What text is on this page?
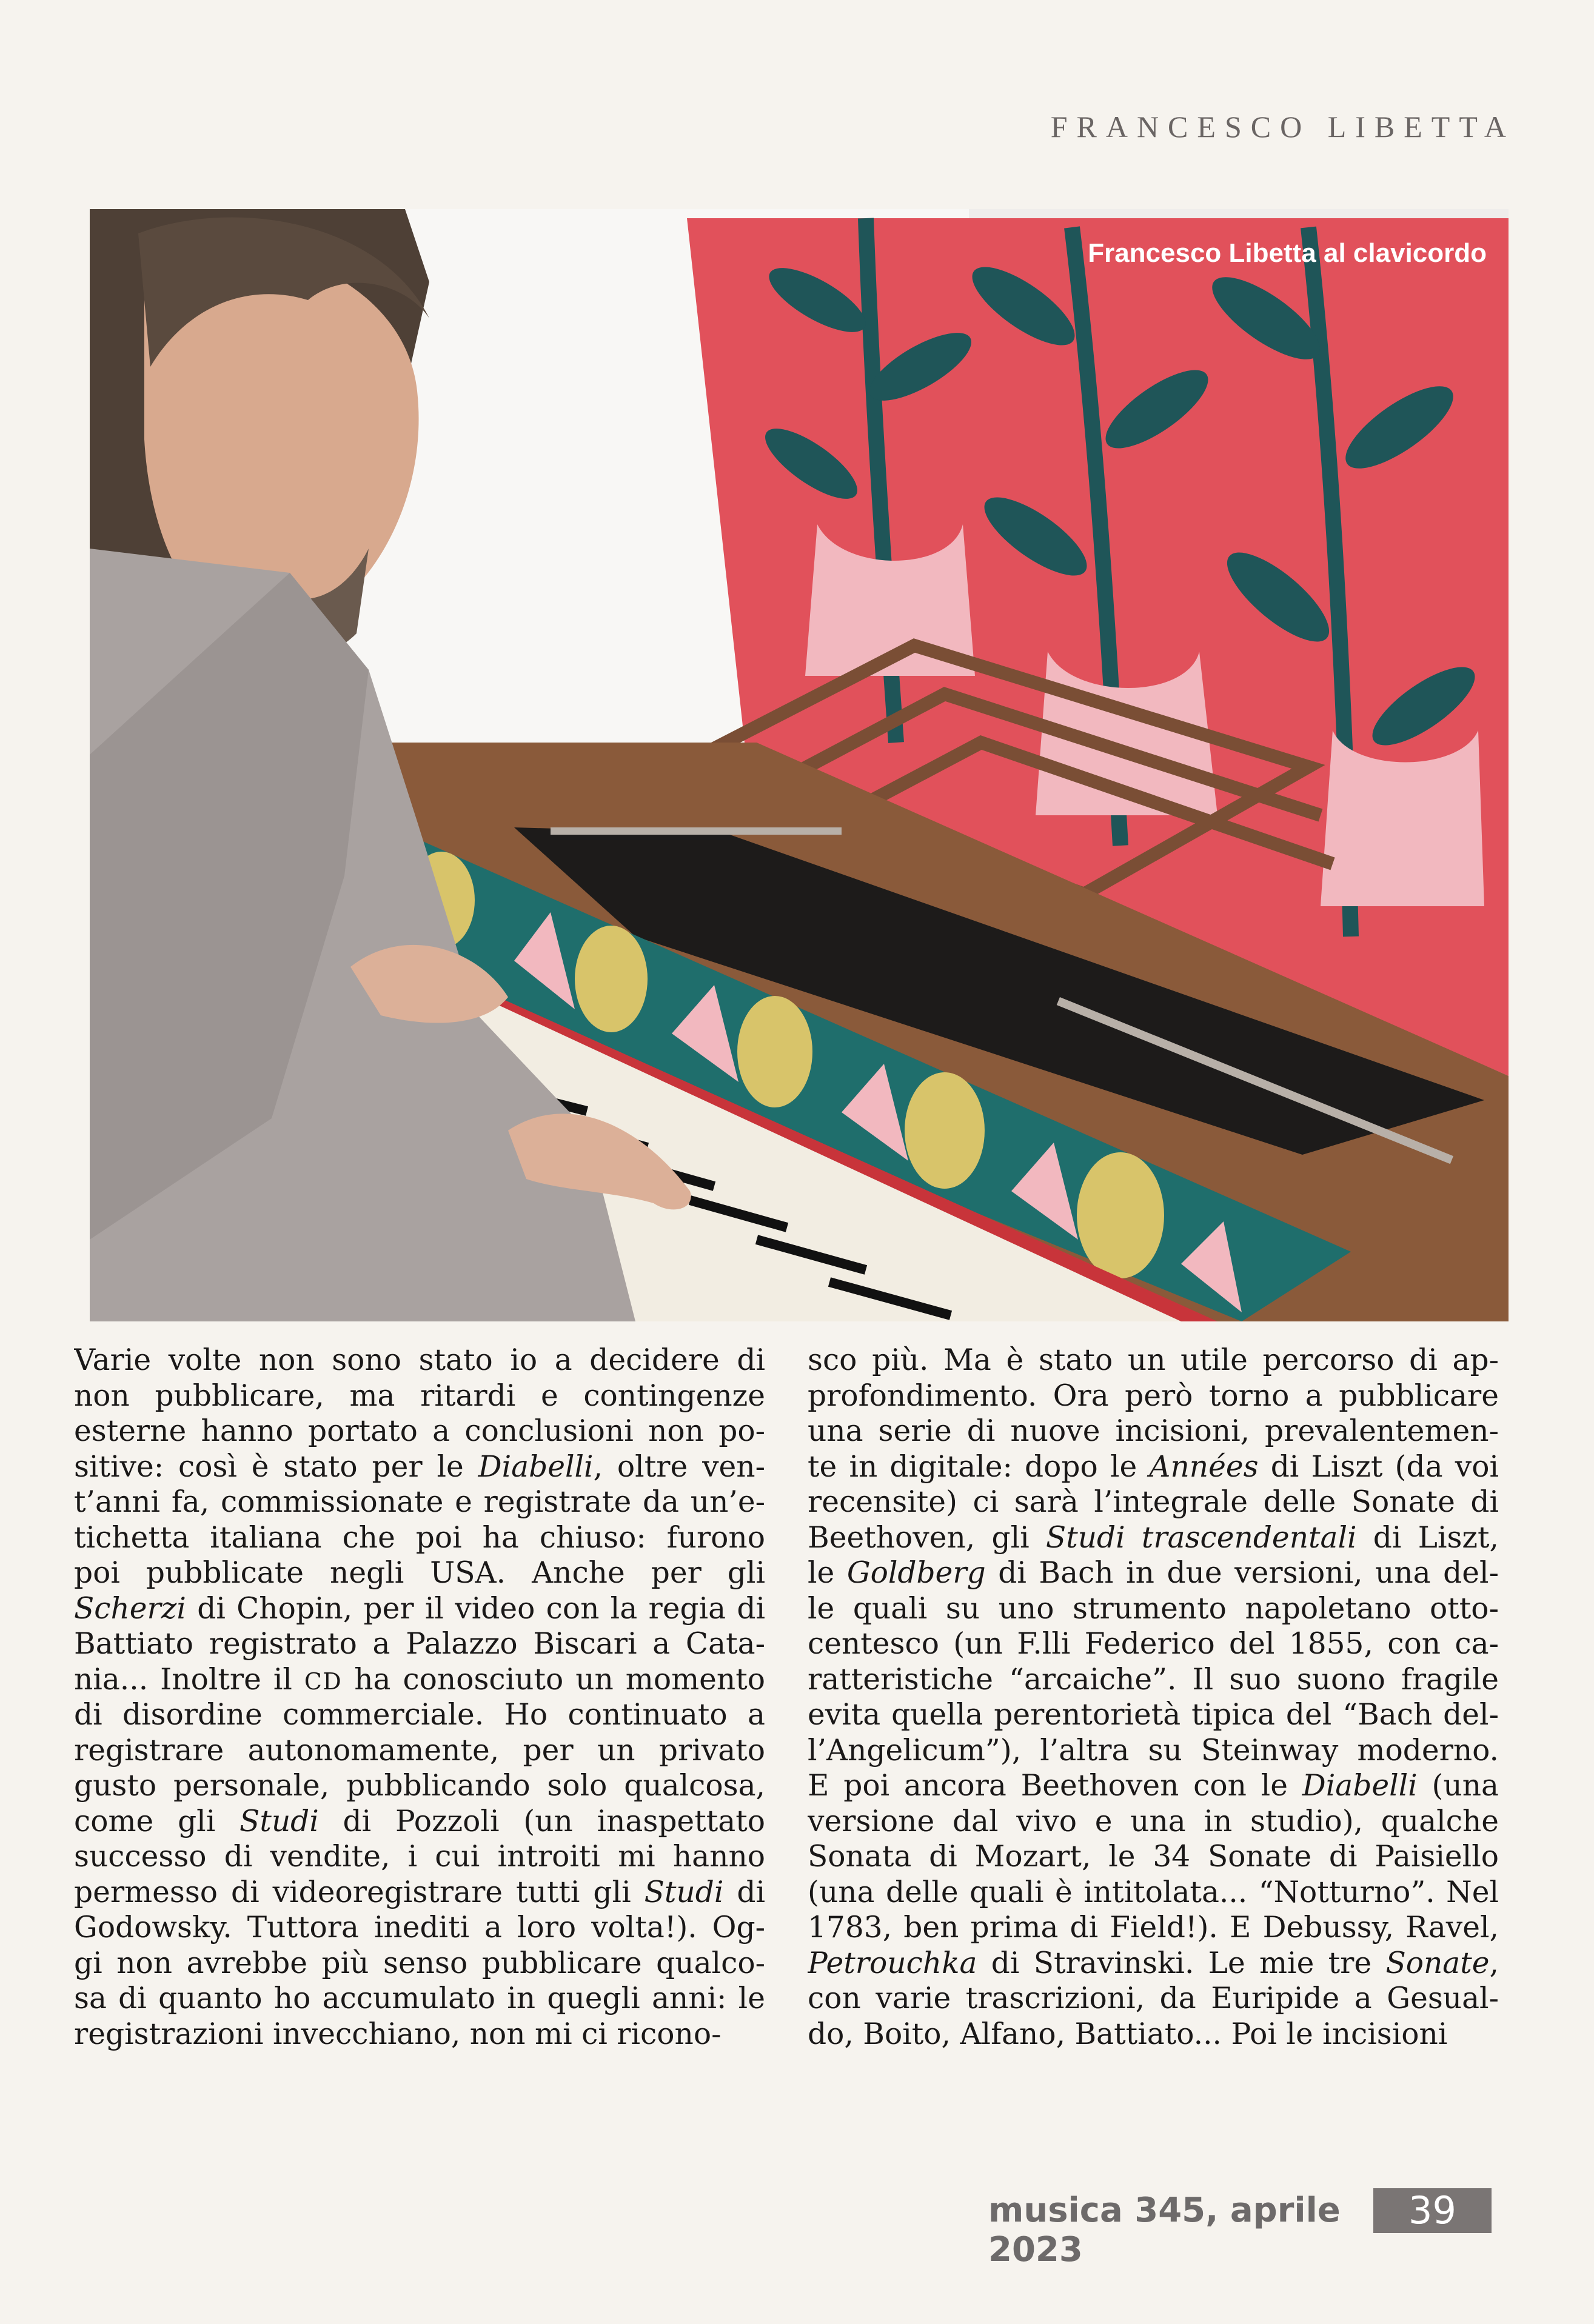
FRANCESCO LIBETTA
Francesco Libetta al clavicordo
Varie volte non sono stato io a decidere di
non pubblicare, ma ritardi e contingenze
esterne hanno portato a conclusioni non po-
sitive: così è stato per le Diabelli, oltre ven-
t’anni fa, commissionate e registrate da un’e-
tichetta italiana che poi ha chiuso: furono
poi pubblicate negli USA. Anche per gli
Scherzi di Chopin, per il video con la regia di
Battiato registrato a Palazzo Biscari a Cata-
nia... Inoltre il CD ha conosciuto un momento
di disordine commerciale. Ho continuato a
registrare autonomamente, per un privato
gusto personale, pubblicando solo qualcosa,
come gli Studi di Pozzoli (un inaspettato
successo di vendite, i cui introiti mi hanno
permesso di videoregistrare tutti gli Studi di
Godowsky. Tuttora inediti a loro volta!). Og-
gi non avrebbe più senso pubblicare qualco-
sa di quanto ho accumulato in quegli anni: le
registrazioni invecchiano, non mi ci ricono-
sco più. Ma è stato un utile percorso di ap-
profondimento. Ora però torno a pubblicare
una serie di nuove incisioni, prevalentemen-
te in digitale: dopo le Années di Liszt (da voi
recensite) ci sarà l’integrale delle Sonate di
Beethoven, gli Studi trascendentali di Liszt,
le Goldberg di Bach in due versioni, una del-
le quali su uno strumento napoletano otto-
centesco (un F.lli Federico del 1855, con ca-
ratteristiche “arcaiche”. Il suo suono fragile
evita quella perentorietà tipica del “Bach del-
l’Angelicum”), l’altra su Steinway moderno.
E poi ancora Beethoven con le Diabelli (una
versione dal vivo e una in studio), qualche
Sonata di Mozart, le 34 Sonate di Paisiello
(una delle quali è intitolata... “Notturno”. Nel
1783, ben prima di Field!). E Debussy, Ravel,
Petrouchka di Stravinski. Le mie tre Sonate,
con varie trascrizioni, da Euripide a Gesual-
do, Boito, Alfano, Battiato... Poi le incisioni
musica 345, aprile 2023
39
